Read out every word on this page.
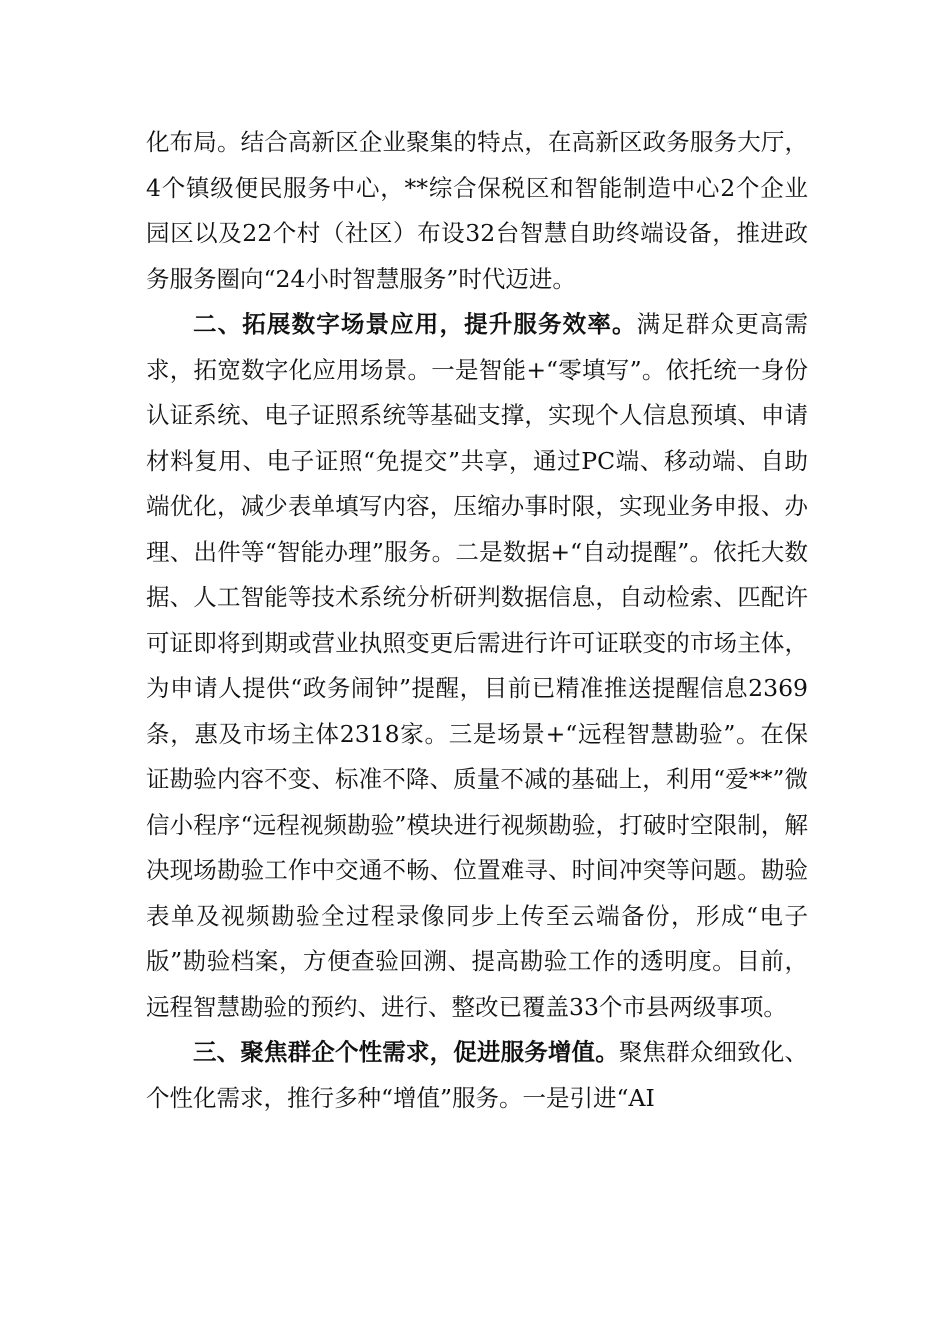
化布局。结合高新区企业聚集的特点，在高新区政务服务大厅，4个镇级便民服务中心，**综合保税区和智能制造中心2个企业园区以及22个村（社区）布设32台智慧自助终端设备，推进政务服务圈向“24小时智慧服务”时代迈进。

二、拓展数字场景应用，提升服务效率。满足群众更高需求，拓宽数字化应用场景。一是智能+“零填写”。依托统一身份认证系统、电子证照系统等基础支撑，实现个人信息预填、申请材料复用、电子证照“免提交”共享，通过PC端、移动端、自助端优化，减少表单填写内容，压缩办事时限，实现业务申报、办理、出件等“智能办理”服务。二是数据+“自动提醒”。依托大数据、人工智能等技术系统分析研判数据信息，自动检索、匹配许可证即将到期或营业执照变更后需进行许可证联变的市场主体，为申请人提供“政务闹钟”提醒，目前已精准推送提醒信息2369条，惠及市场主体2318家。三是场景+“远程智慧勘验”。在保证勘验内容不变、标准不降、质量不减的基础上，利用“爱**”微信小程序“远程视频勘验”模块进行视频勘验，打破时空限制，解决现场勘验工作中交通不畅、位置难寻、时间冲突等问题。勘验表单及视频勘验全过程录像同步上传至云端备份，形成“电子版”勘验档案，方便查验回溯、提高勘验工作的透明度。目前，远程智慧勘验的预约、进行、整改已覆盖33个市县两级事项。

三、聚焦群企个性需求，促进服务增值。聚焦群众细致化、个性化需求，推行多种“增值”服务。一是引进“AI
